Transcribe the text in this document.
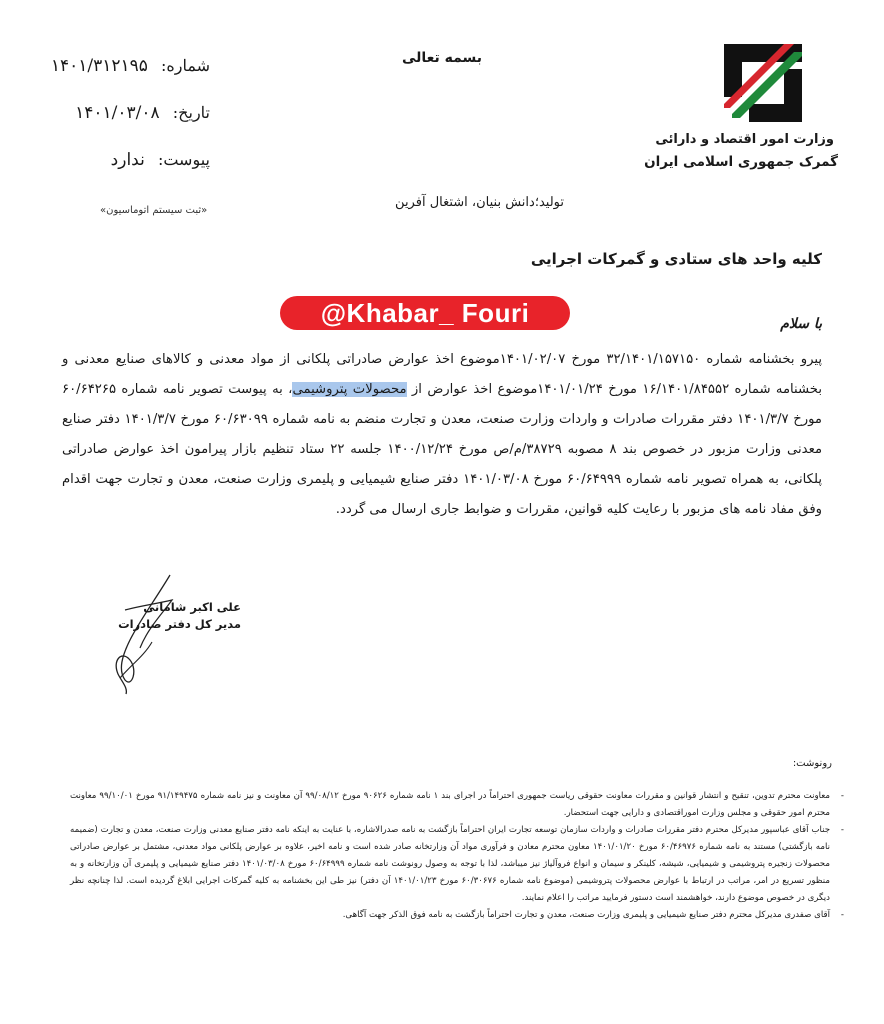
شماره: ۱۴۰۱/۳۱۲۱۹۵
تاریخ: ۱۴۰۱/۰۳/۰۸
پیوست: ندارد
«ثبت سیستم اتوماسیون»
بسمه تعالی
وزارت امور اقتصاد و دارائی
گمرک جمهوری اسلامی ایران
تولید؛دانش بنیان، اشتغال آفرین
کلیه واحد های ستادی و گمرکات اجرایی
@Khabar_ Fouri	با سلام
پیرو بخشنامه شماره ۳۲/۱۴۰۱/۱۵۷۱۵۰ مورخ ۱۴۰۱/۰۲/۰۷موضوع اخذ عوارض صادراتی پلکانی از مواد معدنی و کالاهای صنایع معدنی و بخشنامه شماره ۱۶/۱۴۰۱/۸۴۵۵۲ مورخ ۱۴۰۱/۰۱/۲۴موضوع اخذ عوارض از محصولات پتروشیمی، به پیوست تصویر نامه شماره ۶۰/۶۴۲۶۵ مورخ ۱۴۰۱/۳/۷ دفتر مقررات صادرات و واردات وزارت صنعت، معدن و تجارت منضم به نامه شماره ۶۰/۶۳۰۹۹ مورخ ۱۴۰۱/۳/۷ دفتر صنایع معدنی وزارت مزبور در خصوص بند ۸ مصوبه ۳۸۷۲۹/م/ص مورخ ۱۴۰۰/۱۲/۲۴ جلسه ۲۲ ستاد تنظیم بازار پیرامون اخذ عوارض صادراتی پلکانی، به همراه تصویر نامه شماره ۶۰/۶۴۹۹۹ مورخ ۱۴۰۱/۰۳/۰۸ دفتر صنایع شیمیایی و پلیمری وزارت صنعت، معدن و تجارت جهت اقدام وفق مفاد نامه های مزبور با رعایت کلیه قوانین، مقررات و ضوابط جاری ارسال می گردد.
علی اکبر شامانی
مدیر کل دفتر صادرات
رونوشت:
- معاونت محترم تدوین، تنقیح و انتشار قوانین و مقررات معاونت حقوقی ریاست جمهوری احتراماً در اجرای بند ۱ نامه شماره ۹۰۶۲۶ مورخ ۹۹/۰۸/۱۲ آن معاونت و نیز نامه شماره ۹۱/۱۴۹۴۷۵ مورخ ۹۹/۱۰/۰۱ معاونت محترم امور حقوقی و مجلس وزارت اموراقتصادی و دارایی جهت استحضار.
- جناب آقای عباسپور مدیرکل محترم دفتر مقررات صادرات و واردات سازمان توسعه تجارت ایران احتراماً بازگشت به نامه صدرالاشاره، با عنایت به اینکه نامه دفتر صنایع معدنی وزارت صنعت، معدن و تجارت (ضمیمه نامه بازگشتی) مستند به نامه شماره ۶۰/۴۶۹۷۶ مورخ ۱۴۰۱/۰۱/۲۰ معاون محترم معادن و فرآوری مواد آن وزارتخانه صادر شده است و نامه اخیر، علاوه بر عوارض پلکانی مواد معدنی، مشتمل بر عوارض صادراتی محصولات زنجیره پتروشیمی و شیمیایی، شیشه، کلینکر و سیمان و انواع فروآلیاژ نیز میباشد، لذا با توجه به وصول رونوشت نامه شماره ۶۰/۶۴۹۹۹ مورخ ۱۴۰۱/۰۳/۰۸ دفتر صنایع شیمیایی و پلیمری آن وزارتخانه و به منظور تسریع در امر، مراتب در ارتباط با عوارض محصولات پتروشیمی (موضوع نامه شماره ۶۰/۳۰۶۷۶ مورخ ۱۴۰۱/۰۱/۲۳ آن دفتر) نیز طی این بخشنامه به کلیه گمرکات اجرایی ابلاغ گردیده است. لذا چنانچه نظر دیگری در خصوص موضوع دارند، خواهشمند است دستور فرمایید مراتب را اعلام نمایند.
- آقای صفدری مدیرکل محترم دفتر صنایع شیمیایی و پلیمری وزارت صنعت، معدن و تجارت احتراماً بازگشت به نامه فوق الذکر جهت آگاهی.
